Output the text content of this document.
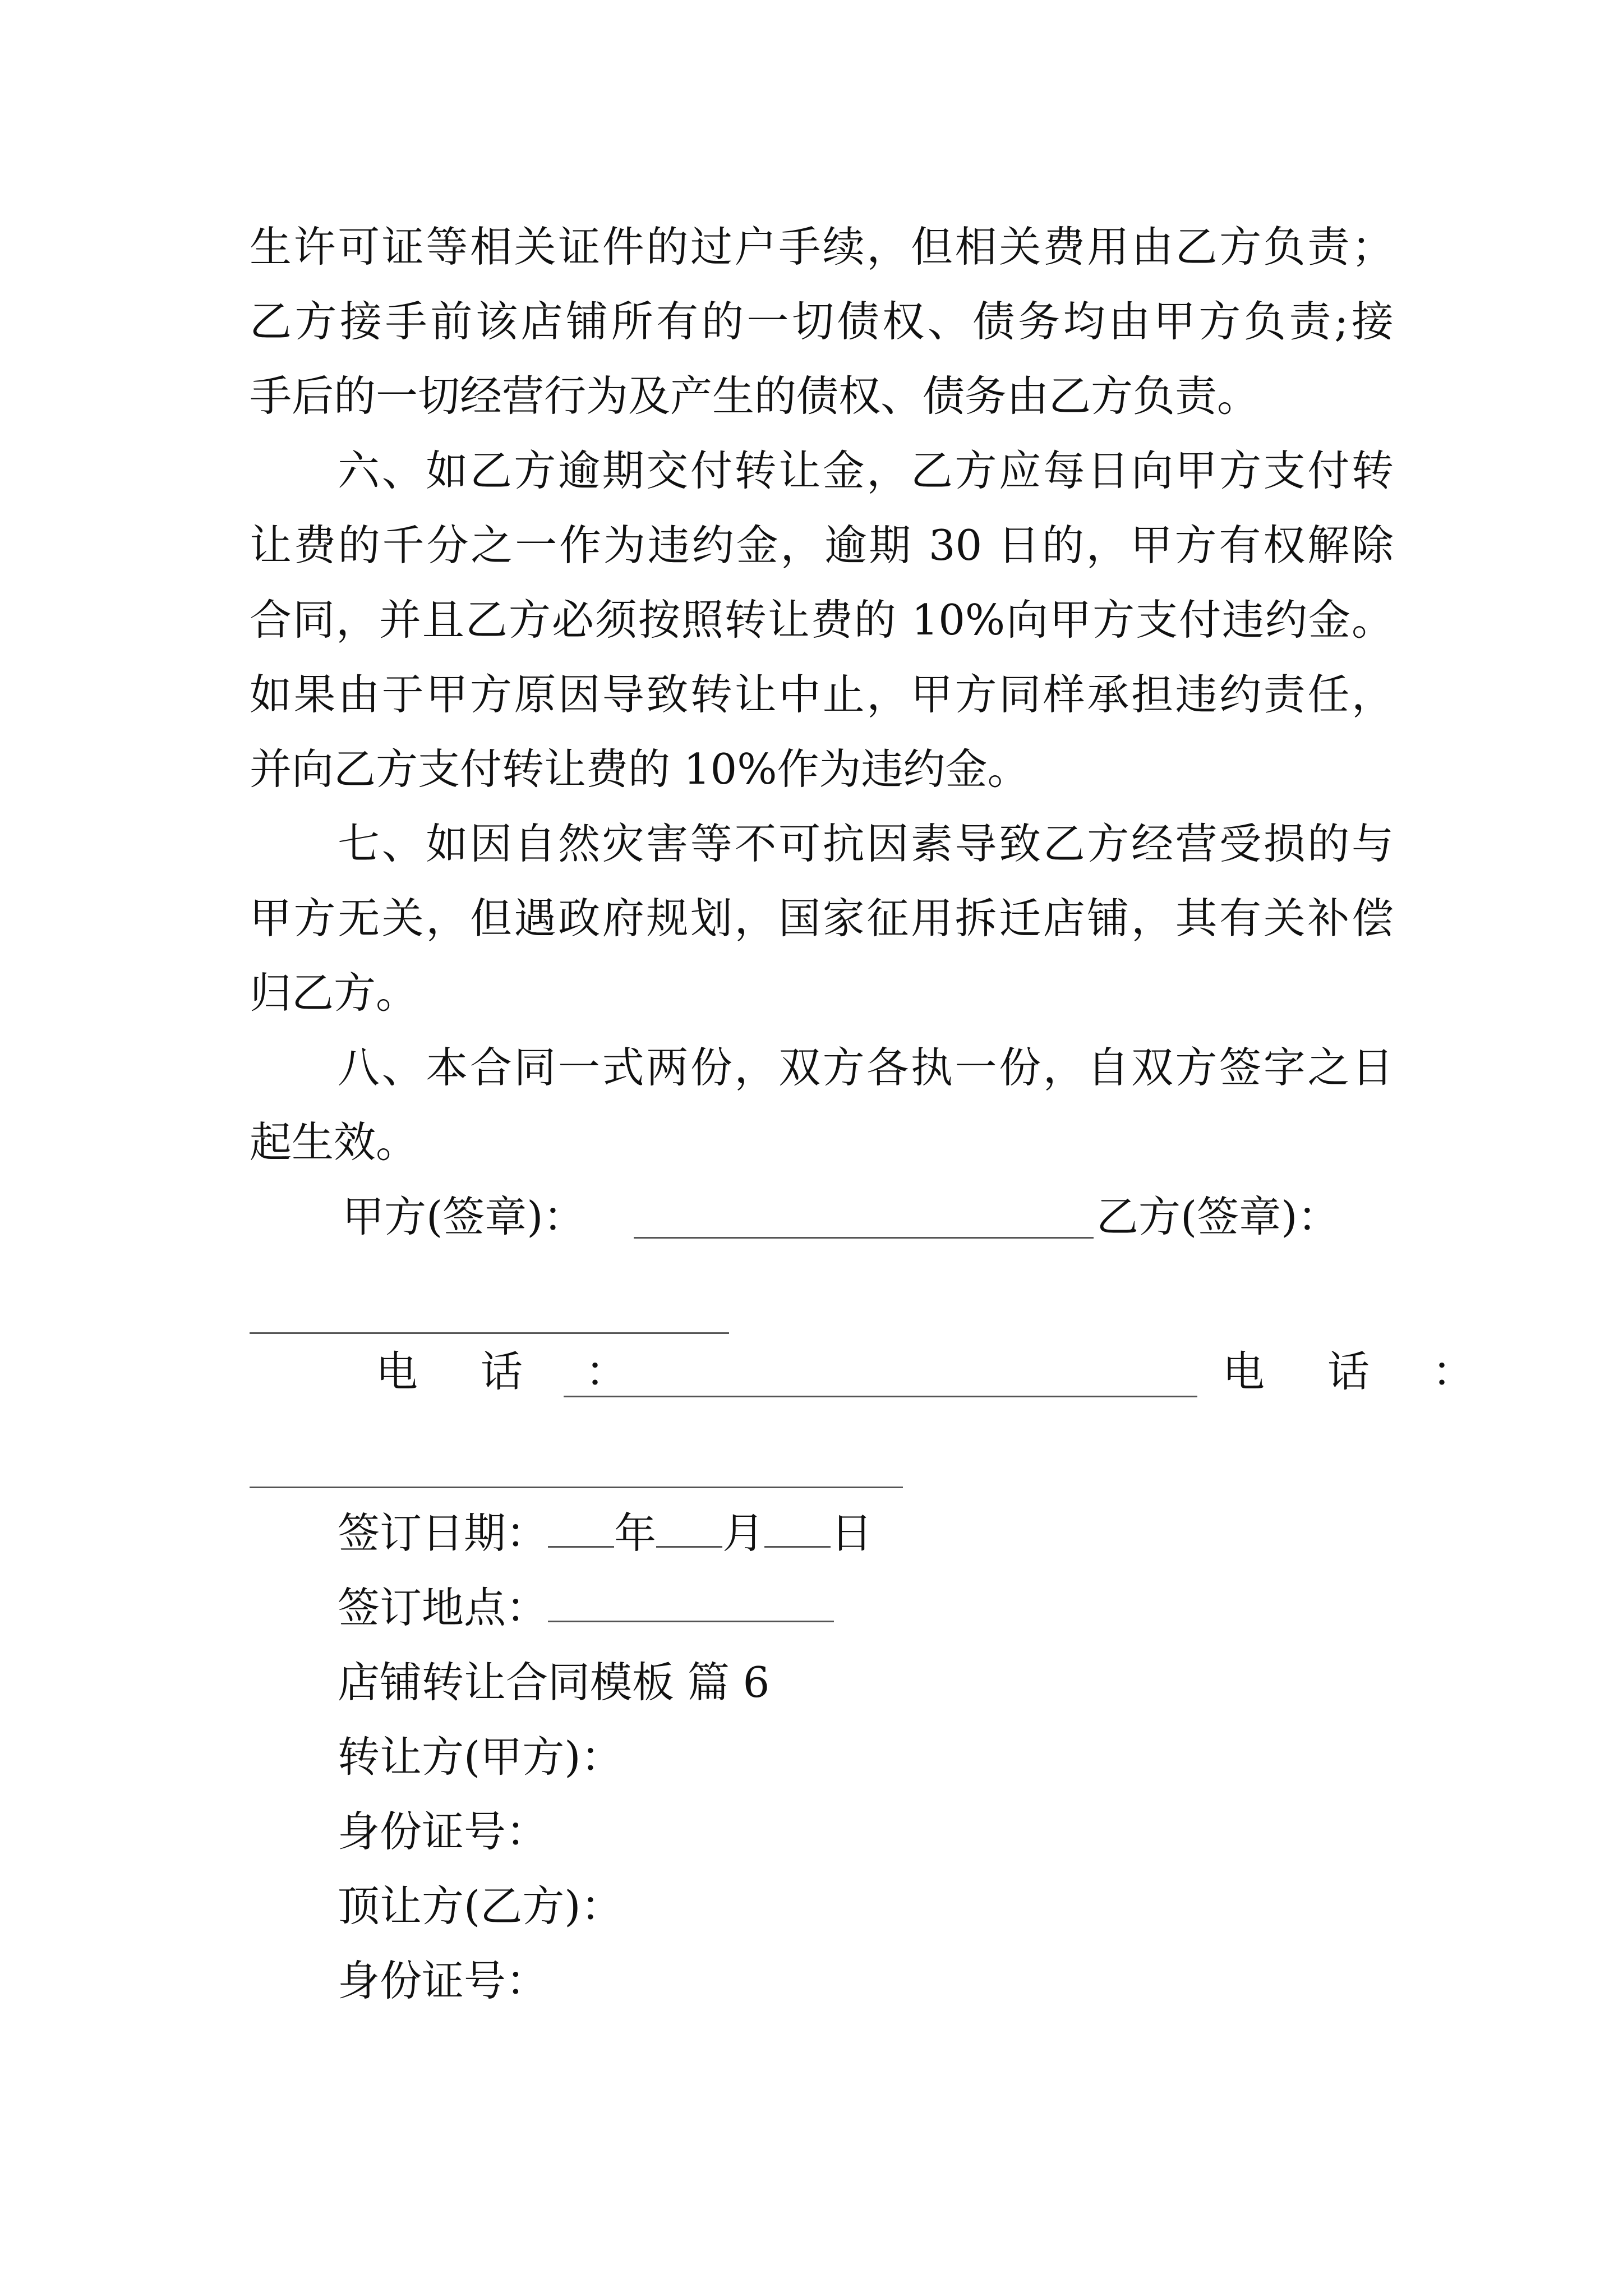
生许可证等相关证件的过户手续，但相关费用由乙方负责；
乙方接手前该店铺所有的一切债权、债务均由甲方负责;接
手后的一切经营行为及产生的债权、债务由乙方负责。
六、如乙方逾期交付转让金，乙方应每日向甲方支付转
让费的千分之一作为违约金，逾期 30 日的，甲方有权解除
合同，并且乙方必须按照转让费的 10%向甲方支付违约金。
如果由于甲方原因导致转让中止，甲方同样承担违约责任，
并向乙方支付转让费的 10%作为违约金。
七、如因自然灾害等不可抗因素导致乙方经营受损的与
甲方无关，但遇政府规划，国家征用拆迁店铺，其有关补偿
归乙方。
八、本合同一式两份，双方各执一份，自双方签字之日
起生效。
甲方(签章)：	乙方(签章)：
电 话 ：	电 话 ：
签订日期： 年 月 日
签订地点：
店铺转让合同模板 篇 6
转让方(甲方)：
身份证号：
顶让方(乙方)：
身份证号：
